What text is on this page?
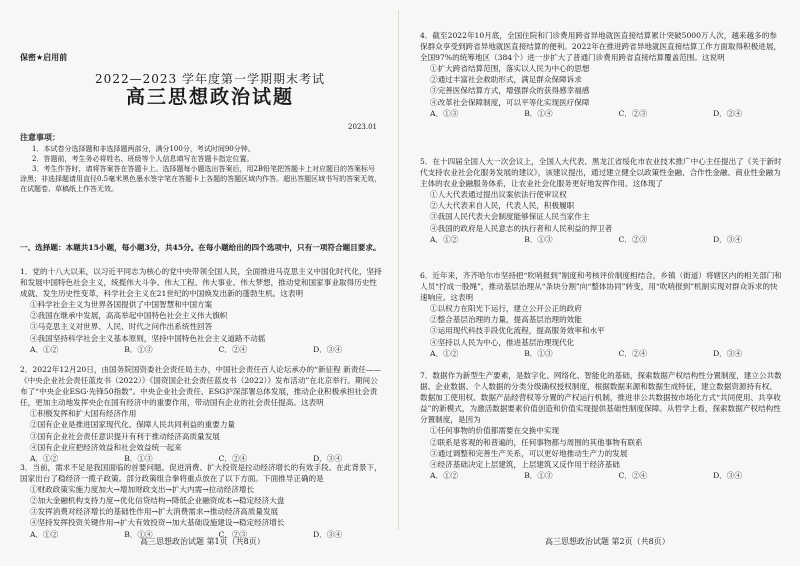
保密★启用前
2022—2023 学年度第一学期期末考试
高三思想政治试题
2023.01
注意事项：

1．本试卷分选择题和非选择题两部分，满分100分，考试时间90分钟。

2．答题前，考生务必将姓名、班级等个人信息填写在答题卡指定位置。

3．考生作答时，请将答案答在答题卡上。选择题每小题选出答案后，用2B铅笔把答题卡上对应题目的答案标号涂黑；非选择题请用直径0.5毫米黑色墨水签字笔在答题卡上各题的答题区域内作答。超出答题区域书写的答案无效，在试题卷、草稿纸上作答无效。

一、选择题：本题共15小题，每小题3分，共45分。在每小题给出的四个选项中，只有一项符合题目要求。

1．党的十八大以来，以习近平同志为核心的党中央带领全国人民，全面推进马克思主义中国化时代化，坚持和发展中国特色社会主义，统揽伟大斗争、伟大工程、伟大事业、伟大梦想，推动党和国家事业取得历史性成就、发生历史性变革，科学社会主义在21世纪的中国焕发出新的蓬勃生机。这表明

①科学社会主义为世界各国提供了中国智慧和中国方案
②我国在继承中发展，高高举起中国特色社会主义伟大旗帜
③马克思主义对世界、人民、时代之问作出系统性回答
④我国坚持科学社会主义基本原则，坚持中国特色社会主义道路不动摇
A．①②	B．①③	C．②④	D．③④

2．2022年12月20日，由国务院国资委社会责任局主办，中国社会责任百人论坛承办的“新征程 新责任——《中央企业社会责任蓝皮书（2022）》《国资国企社会责任蓝皮书（2022）》发布活动”在北京举行。期间公布了“中央企业ESG·先锋50指数”。中央企业社会责任、ESG沪深部署总体发展，推动企业积极承担社会责任，更加主动地发挥央企在国有经济中的重要作用，带动国有企业的社会责任提高。这表明

①积极发挥和扩大国有经济作用
②国有企业是推进国家现代化、保障人民共同利益的重要力量
③国有企业社会责任意识提升有利于推动经济高质量发展
④国有企业应把经济效益和社会效益统一起来
A．①②	B．①③	C．②④	D．③④

3．当前，需求不足是我国面临的首要问题。促进消费、扩大投资是拉动经济增长的有效手段。在此背景下，国家出台了稳经济一揽子政策。部分政策组合拳将重点放在了以下方面。下面推导正确的是

①财政政策实施力度加大→增加财政支出→扩大内需→拉动经济增长
②加大金融机构支持力度→优化信贷结构→降低企业融资成本→稳定经济大盘
③发挥消费对经济增长的基础性作用→扩大消费需求→推动经济高质量发展
④坚持发挥投资关键作用→扩大有效投资→加大基础设施建设→稳定经济增长
A．①②	B．①④	C．②③	D．③④

4．截至2022年10月底，全国住院和门诊费用跨省异地就医直接结算累计突破5000万人次，越来越多的参保群众享受到跨省异地就医直接结算的便利。2022年在推进跨省异地就医直接结算工作方面取得积极进展，全国97%的统筹地区（384个）进一步扩大了普通门诊费用跨省直接结算覆盖范围。这说明

①扩大跨省结算范围，落实以人民为中心的思想
②通过丰富社会救助形式，满足群众保障诉求
③完善医保结算方式，增强群众的获得感幸福感
④改革社会保障制度，可以平等化实现医疗保障
A．①③	B．①④	C．②③	D．②④

5．在十四届全国人大一次会议上，全国人大代表、黑龙江省绥化市农业技术推广中心主任提出了《关于新时代支持农业社会化服务发展的建议》，该建议提出，通过建立健全以政策性金融、合作性金融、商业性金融为主体的农业金融服务体系，让农业社会化服务更好地发挥作用。这体现了

①人大代表通过提出议案依法行使审议权
②人大代表来自人民，代表人民，积极履职
③我国人民代表大会制度能够保证人民当家作主
④我国的政府是人民意志的执行者和人民利益的捍卫者
A．①②	B．①③	C．②③	D．③④

6．近年来，齐齐哈尔市坚持把“吹哨报到”制度和考核评价制度相结合，乡镇（街道）将辖区内的相关部门和人员“拧成一股绳”，推动基层治理从“条块分割”向“整体协同”转变，用“吹哨报到”机制实现对群众诉求的快速响应。这表明

①以权力在阳光下运行，建立公开公正的政府
②整合基层治理的力量，提高基层治理的效能
③运用现代科技手段优化流程，提高服务效率和水平
④坚持以人民为中心，推进基层治理现代化
A．①②	B．①③	C．②④	D．③④

7．数据作为新型生产要素，是数字化、网络化、智能化的基础，探索数据产权结构性分置制度，建立公共数据、企业数据、个人数据的分类分级确权授权制度，根据数据来源和数据生成特征，建立数据资源持有权、数据加工使用权、数据产品经营权等分置的产权运行机制，推进非公共数据按市场化方式“共同使用、共享收益”的新模式，为激活数据要素价值创造和价值实现提供基础性制度保障。从哲学上看，探索数据产权结构性分置制度，是因为

①任何事物的价值都需要在交换中实现
②联系是客观的和普遍的，任何事物都与周围的其他事物有联系
③通过调整和完善生产关系，可以更好地推动生产力的发展
④经济基础决定上层建筑，上层建筑又反作用于经济基础
A．①②	B．①③	C．②④	D．③④
高三思想政治试题 第1页（共8页）	高三思想政治试题 第2页（共8页）
